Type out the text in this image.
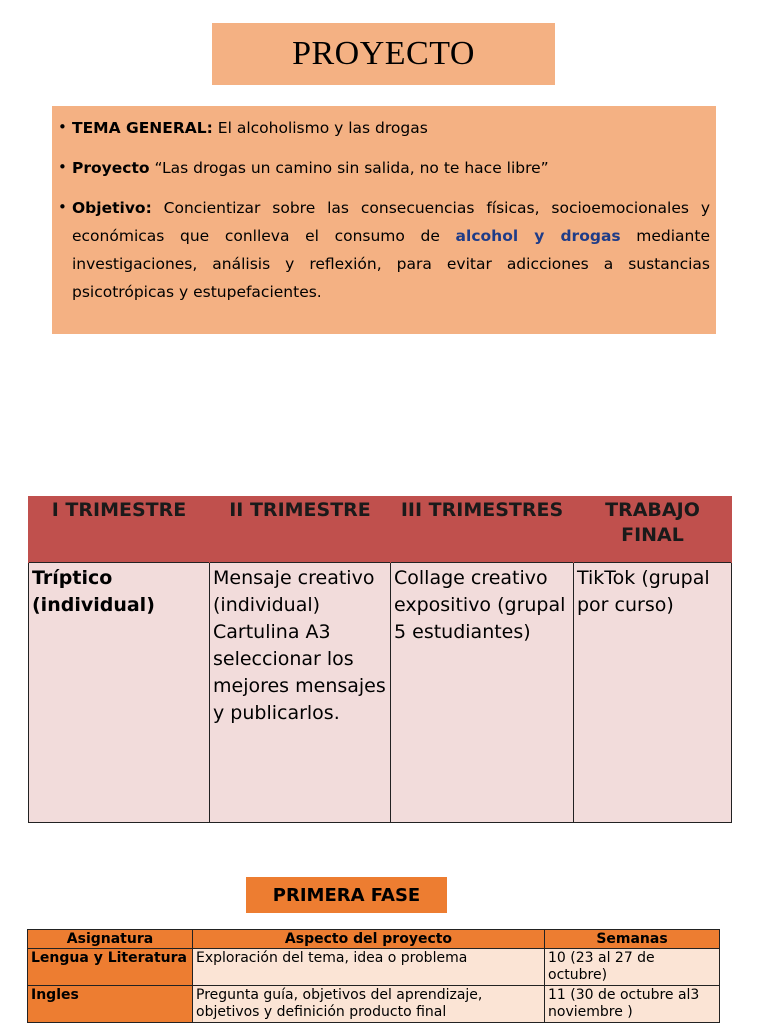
PROYECTO
• TEMA GENERAL: El alcoholismo y las drogas
• Proyecto “Las drogas un camino sin salida, no te hace libre”
• Objetivo: Concientizar sobre las consecuencias físicas, socioemocionales y económicas que conlleva el consumo de alcohol y drogas mediante investigaciones, análisis y reflexión, para evitar adicciones a sustancias psicotrópicas y estupefacientes.
I TRIMESTRE	II TRIMESTRE	III TRIMESTRES	TRABAJO FINAL
Tríptico (individual)	Mensaje creativo (individual) Cartulina A3 seleccionar los mejores mensajes y publicarlos.	Collage creativo expositivo (grupal 5 estudiantes)	TikTok (grupal por curso)
PRIMERA FASE
Asignatura	Aspecto del proyecto	Semanas
Lengua y Literatura	Exploración del tema, idea o problema	10 (23 al 27 de octubre)
Ingles	Pregunta guía, objetivos del aprendizaje, objetivos y definición producto final	11 (30 de octubre al3 noviembre )
